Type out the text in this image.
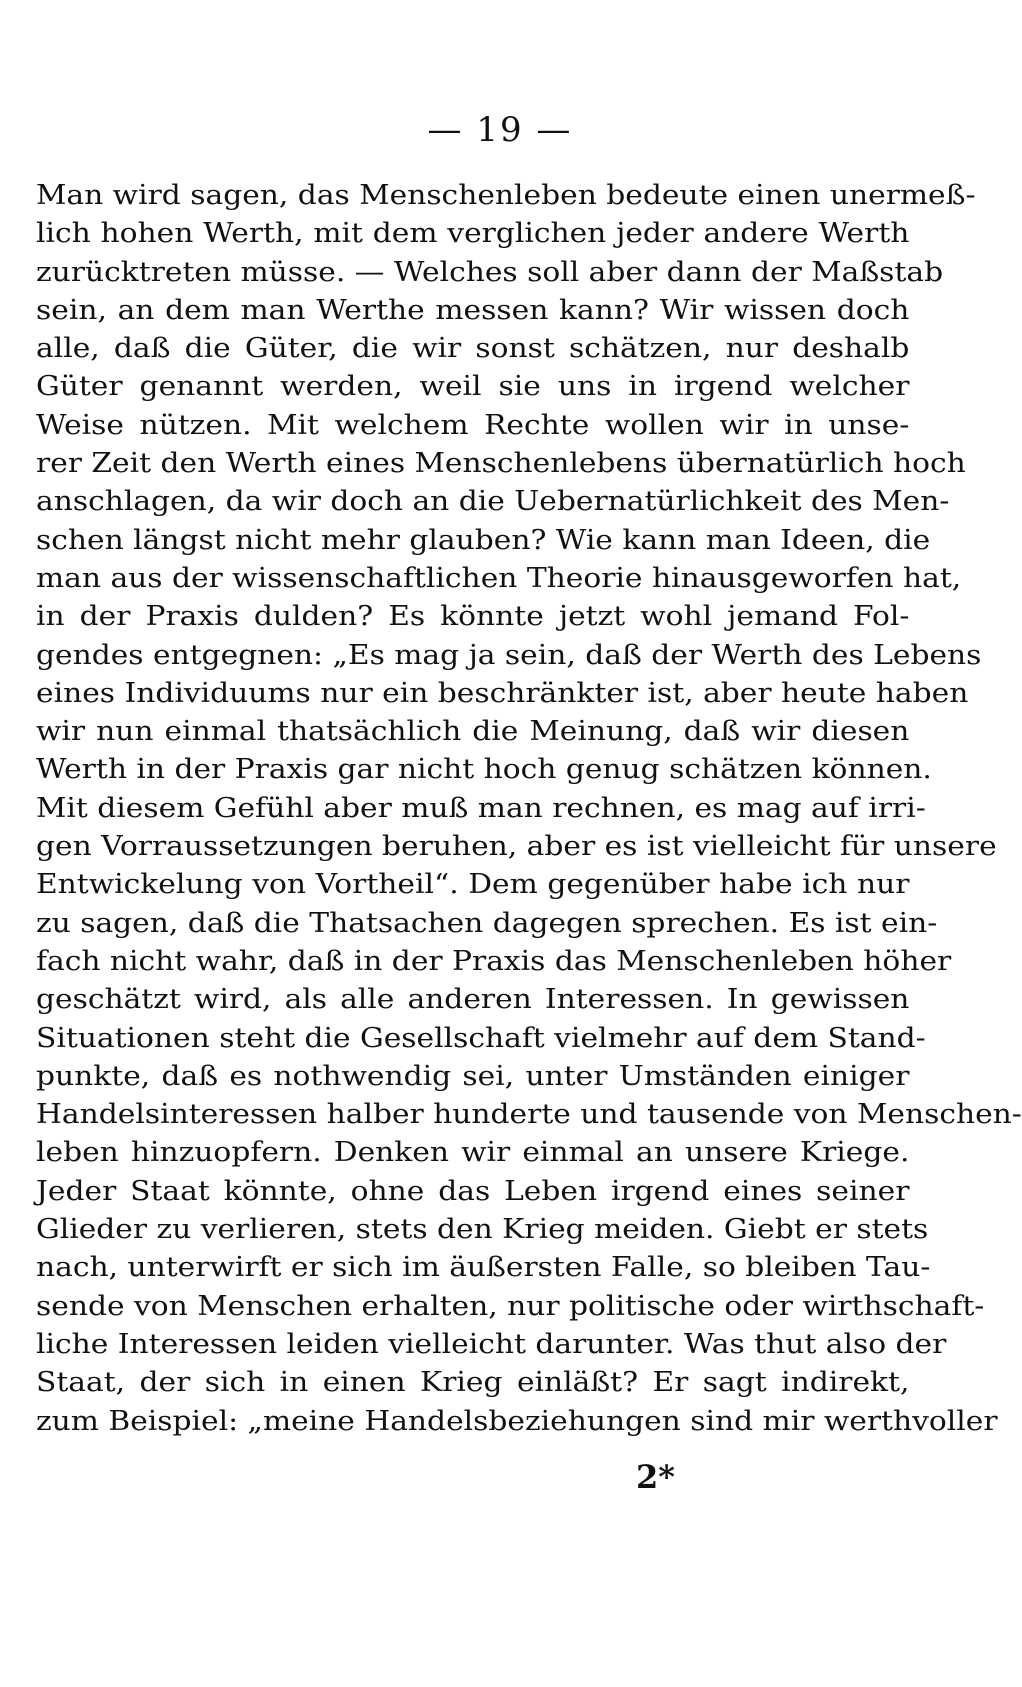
— 19 —
Man wird sagen, das Menschenleben bedeute einen unermeß-
lich hohen Werth, mit dem verglichen jeder andere Werth
zurücktreten müsse. — Welches soll aber dann der Maßstab
sein, an dem man Werthe messen kann? Wir wissen doch
alle, daß die Güter, die wir sonst schätzen, nur deshalb
Güter genannt werden, weil sie uns in irgend welcher
Weise nützen. Mit welchem Rechte wollen wir in unse-
rer Zeit den Werth eines Menschenlebens übernatürlich hoch
anschlagen, da wir doch an die Uebernatürlichkeit des Men-
schen längst nicht mehr glauben? Wie kann man Ideen, die
man aus der wissenschaftlichen Theorie hinausgeworfen hat,
in der Praxis dulden? Es könnte jetzt wohl jemand Fol-
gendes entgegnen: „Es mag ja sein, daß der Werth des Lebens
eines Individuums nur ein beschränkter ist, aber heute haben
wir nun einmal thatsächlich die Meinung, daß wir diesen
Werth in der Praxis gar nicht hoch genug schätzen können.
Mit diesem Gefühl aber muß man rechnen, es mag auf irri-
gen Vorraussetzungen beruhen, aber es ist vielleicht für unsere
Entwickelung von Vortheil“. Dem gegenüber habe ich nur
zu sagen, daß die Thatsachen dagegen sprechen. Es ist ein-
fach nicht wahr, daß in der Praxis das Menschenleben höher
geschätzt wird, als alle anderen Interessen. In gewissen
Situationen steht die Gesellschaft vielmehr auf dem Stand-
punkte, daß es nothwendig sei, unter Umständen einiger
Handelsinteressen halber hunderte und tausende von Menschen-
leben hinzuopfern. Denken wir einmal an unsere Kriege.
Jeder Staat könnte, ohne das Leben irgend eines seiner
Glieder zu verlieren, stets den Krieg meiden. Giebt er stets
nach, unterwirft er sich im äußersten Falle, so bleiben Tau-
sende von Menschen erhalten, nur politische oder wirthschaft-
liche Interessen leiden vielleicht darunter. Was thut also der
Staat, der sich in einen Krieg einläßt? Er sagt indirekt,
zum Beispiel: „meine Handelsbeziehungen sind mir werthvoller
2*
